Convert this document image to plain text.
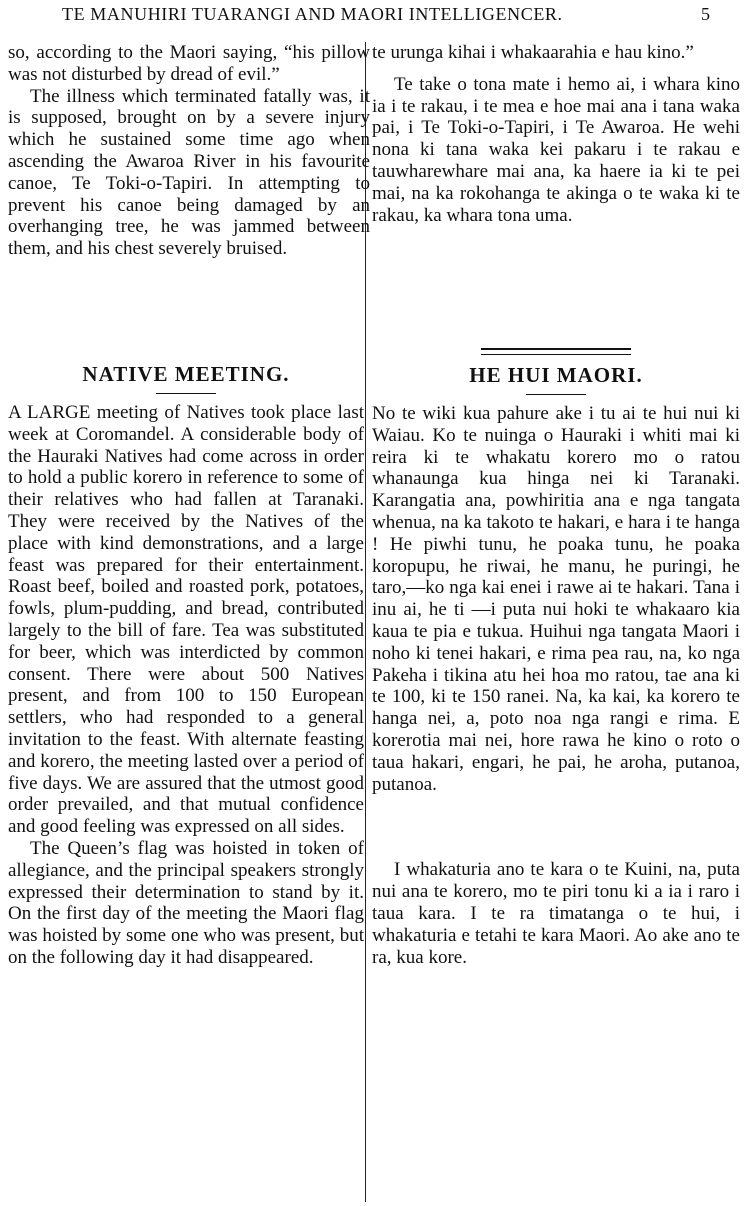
TE MANUHIRI TUARANGI AND MAORI INTELLIGENCER.	5

so, according to the Maori saying, “his pillow was not disturbed by dread of evil.”

The illness which terminated fatally was, it is supposed, brought on by a severe injury which he sustained some time ago when ascending the Awaroa River in his favourite canoe, Te Toki-o-Tapiri. In attempting to prevent his canoe being damaged by an overhanging tree, he was jammed between them, and his chest severely bruised.

te urunga kihai i whakaarahia e hau kino.”

Te take o tona mate i hemo ai, i whara kino ia i te rakau, i te mea e hoe mai ana i tana waka pai, i Te Toki-o-Tapiri, i Te Awaroa. He wehi nona ki tana waka kei pakaru i te rakau e tauwharewhare mai ana, ka haere ia ki te pei mai, na ka rokohanga te akinga o te waka ki te rakau, ka whara tona uma.

NATIVE MEETING.

A LARGE meeting of Natives took place last week at Coromandel. A considerable body of the Hauraki Natives had come across in order to hold a public korero in reference to some of their relatives who had fallen at Taranaki. They were received by the Natives of the place with kind demonstrations, and a large feast was prepared for their entertainment. Roast beef, boiled and roasted pork, potatoes, fowls, plum-pudding, and bread, contributed largely to the bill of fare. Tea was substituted for beer, which was interdicted by common consent. There were about 500 Natives present, and from 100 to 150 European settlers, who had responded to a general invitation to the feast. With alternate feasting and korero, the meeting lasted over a period of five days. We are assured that the utmost good order prevailed, and that mutual confidence and good feeling was expressed on all sides.

The Queen’s flag was hoisted in token of allegiance, and the principal speakers strongly expressed their determination to stand by it. On the first day of the meeting the Maori flag was hoisted by some one who was present, but on the following day it had disappeared.

HE HUI MAORI.

No te wiki kua pahure ake i tu ai te hui nui ki Waiau. Ko te nuinga o Hauraki i whiti mai ki reira ki te whakatu korero mo o ratou whanaunga kua hinga nei ki Taranaki. Karangatia ana, powhiritia ana e nga tangata whenua, na ka takoto te hakari, e hara i te hanga ! He piwhi tunu, he poaka tunu, he poaka koropupu, he riwai, he manu, he puringi, he taro,—ko nga kai enei i rawe ai te hakari. Tana i inu ai, he ti —i puta nui hoki te whakaaro kia kaua te pia e tukua. Huihui nga tangata Maori i noho ki tenei hakari, e rima pea rau, na, ko nga Pakeha i tikina atu hei hoa mo ratou, tae ana ki te 100, ki te 150 ranei. Na, ka kai, ka korero te hanga nei, a, poto noa nga rangi e rima. E korerotia mai nei, hore rawa he kino o roto o taua hakari, engari, he pai, he aroha, putanoa, putanoa.

I whakaturia ano te kara o te Kuini, na, puta nui ana te korero, mo te piri tonu ki a ia i raro i taua kara. I te ra timatanga o te hui, i whakaturia e tetahi te kara Maori. Ao ake ano te ra, kua kore.
